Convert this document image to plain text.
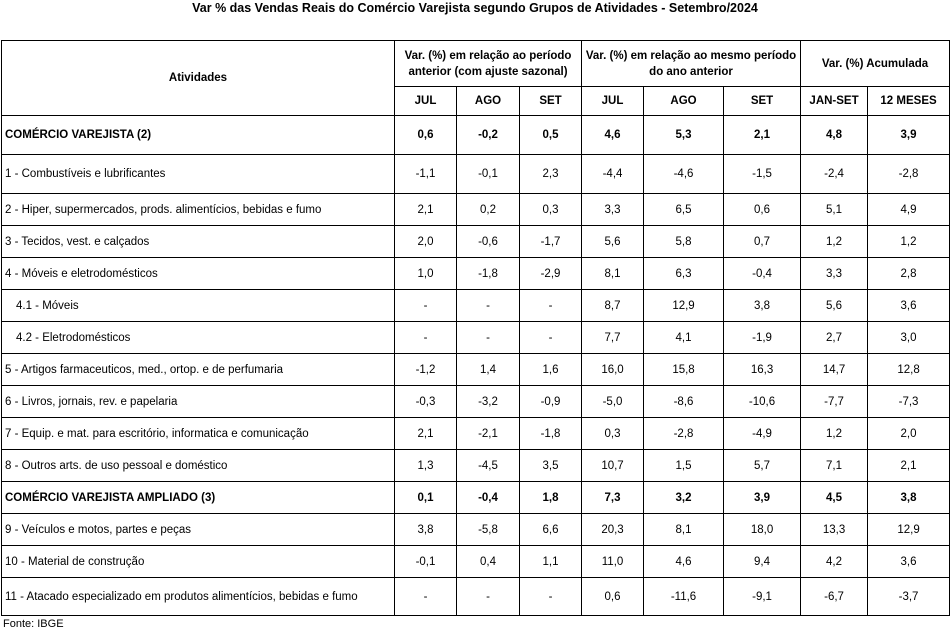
Var % das Vendas Reais do Comércio Varejista segundo Grupos de Atividades - Setembro/2024
Atividades	Var. (%) em relação ao período anterior (com ajuste sazonal)			Var. (%) em relação ao mesmo período do ano anterior			Var. (%) Acumulada	
	JUL	AGO	SET	JUL	AGO	SET	JAN-SET	12 MESES
COMÉRCIO VAREJISTA (2)	0,6	-0,2	0,5	4,6	5,3	2,1	4,8	3,9
1 - Combustíveis e lubrificantes	-1,1	-0,1	2,3	-4,4	-4,6	-1,5	-2,4	-2,8
2 - Hiper, supermercados, prods. alimentícios, bebidas e fumo	2,1	0,2	0,3	3,3	6,5	0,6	5,1	4,9
3 - Tecidos, vest. e calçados	2,0	-0,6	-1,7	5,6	5,8	0,7	1,2	1,2
4 - Móveis e eletrodomésticos	1,0	-1,8	-2,9	8,1	6,3	-0,4	3,3	2,8
4.1 - Móveis	-	-	-	8,7	12,9	3,8	5,6	3,6
4.2 - Eletrodomésticos	-	-	-	7,7	4,1	-1,9	2,7	3,0
5 - Artigos farmaceuticos, med., ortop. e de perfumaria	-1,2	1,4	1,6	16,0	15,8	16,3	14,7	12,8
6 - Livros, jornais, rev. e papelaria	-0,3	-3,2	-0,9	-5,0	-8,6	-10,6	-7,7	-7,3
7 - Equip. e mat. para escritório, informatica e comunicação	2,1	-2,1	-1,8	0,3	-2,8	-4,9	1,2	2,0
8 - Outros arts. de uso pessoal e doméstico	1,3	-4,5	3,5	10,7	1,5	5,7	7,1	2,1
COMÉRCIO VAREJISTA AMPLIADO (3)	0,1	-0,4	1,8	7,3	3,2	3,9	4,5	3,8
9 - Veículos e motos, partes e peças	3,8	-5,8	6,6	20,3	8,1	18,0	13,3	12,9
10 - Material de construção	-0,1	0,4	1,1	11,0	4,6	9,4	4,2	3,6
11 - Atacado especializado em produtos alimentícios, bebidas e fumo	-	-	-	0,6	-11,6	-9,1	-6,7	-3,7
Fonte: IBGE
